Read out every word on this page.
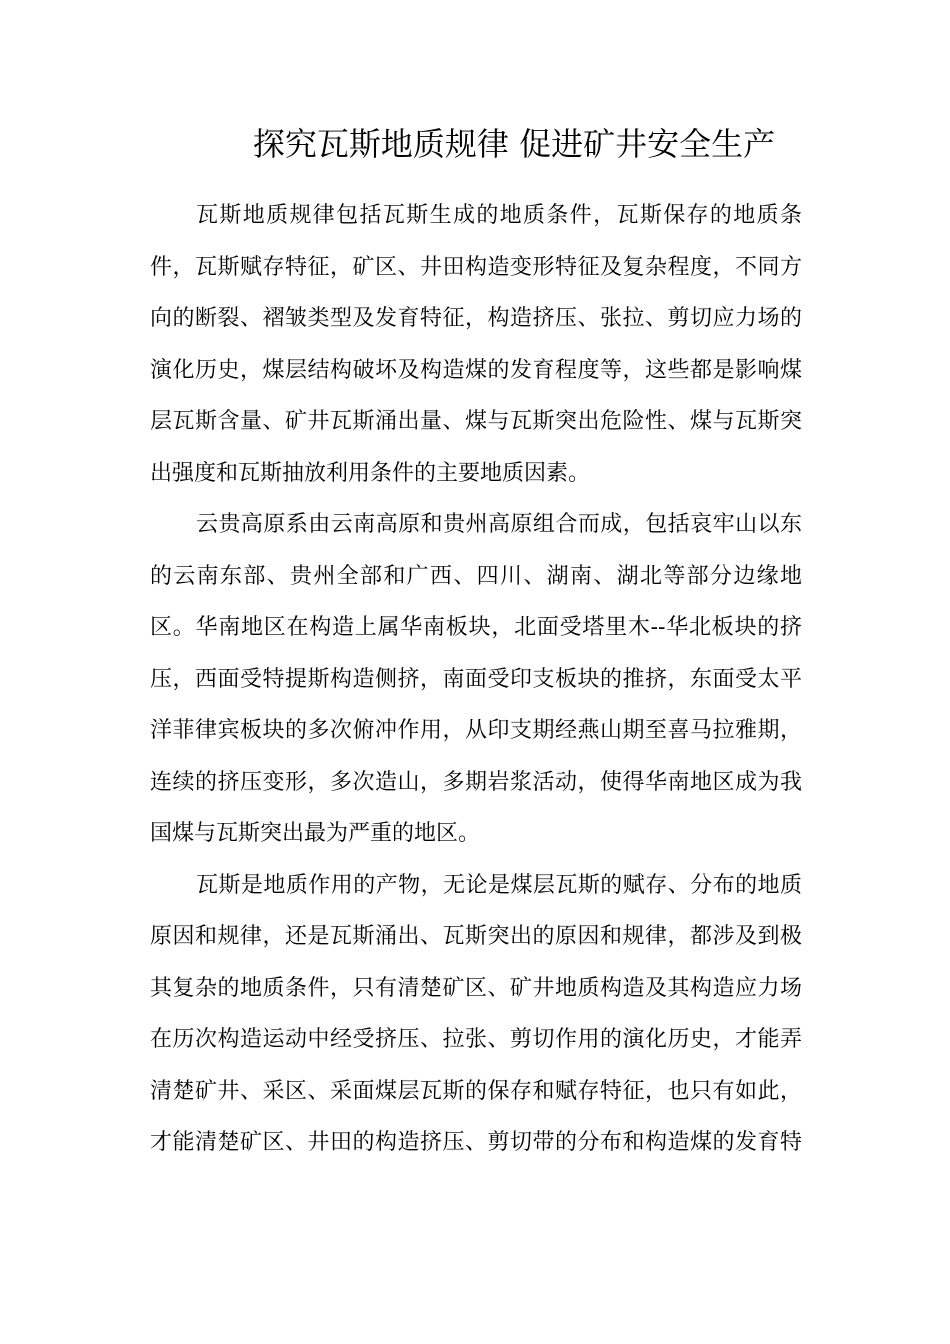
探究瓦斯地质规律 促进矿井安全生产

瓦斯地质规律包括瓦斯生成的地质条件，瓦斯保存的地质条
件，瓦斯赋存特征，矿区、井田构造变形特征及复杂程度，不同方
向的断裂、褶皱类型及发育特征，构造挤压、张拉、剪切应力场的
演化历史，煤层结构破坏及构造煤的发育程度等，这些都是影响煤
层瓦斯含量、矿井瓦斯涌出量、煤与瓦斯突出危险性、煤与瓦斯突
出强度和瓦斯抽放利用条件的主要地质因素。

云贵高原系由云南高原和贵州高原组合而成，包括哀牢山以东
的云南东部、贵州全部和广西、四川、湖南、湖北等部分边缘地
区。华南地区在构造上属华南板块，北面受塔里木--华北板块的挤
压，西面受特提斯构造侧挤，南面受印支板块的推挤，东面受太平
洋菲律宾板块的多次俯冲作用，从印支期经燕山期至喜马拉雅期，
连续的挤压变形，多次造山，多期岩浆活动，使得华南地区成为我
国煤与瓦斯突出最为严重的地区。

瓦斯是地质作用的产物，无论是煤层瓦斯的赋存、分布的地质
原因和规律，还是瓦斯涌出、瓦斯突出的原因和规律，都涉及到极
其复杂的地质条件，只有清楚矿区、矿井地质构造及其构造应力场
在历次构造运动中经受挤压、拉张、剪切作用的演化历史，才能弄
清楚矿井、采区、采面煤层瓦斯的保存和赋存特征，也只有如此，
才能清楚矿区、井田的构造挤压、剪切带的分布和构造煤的发育特
